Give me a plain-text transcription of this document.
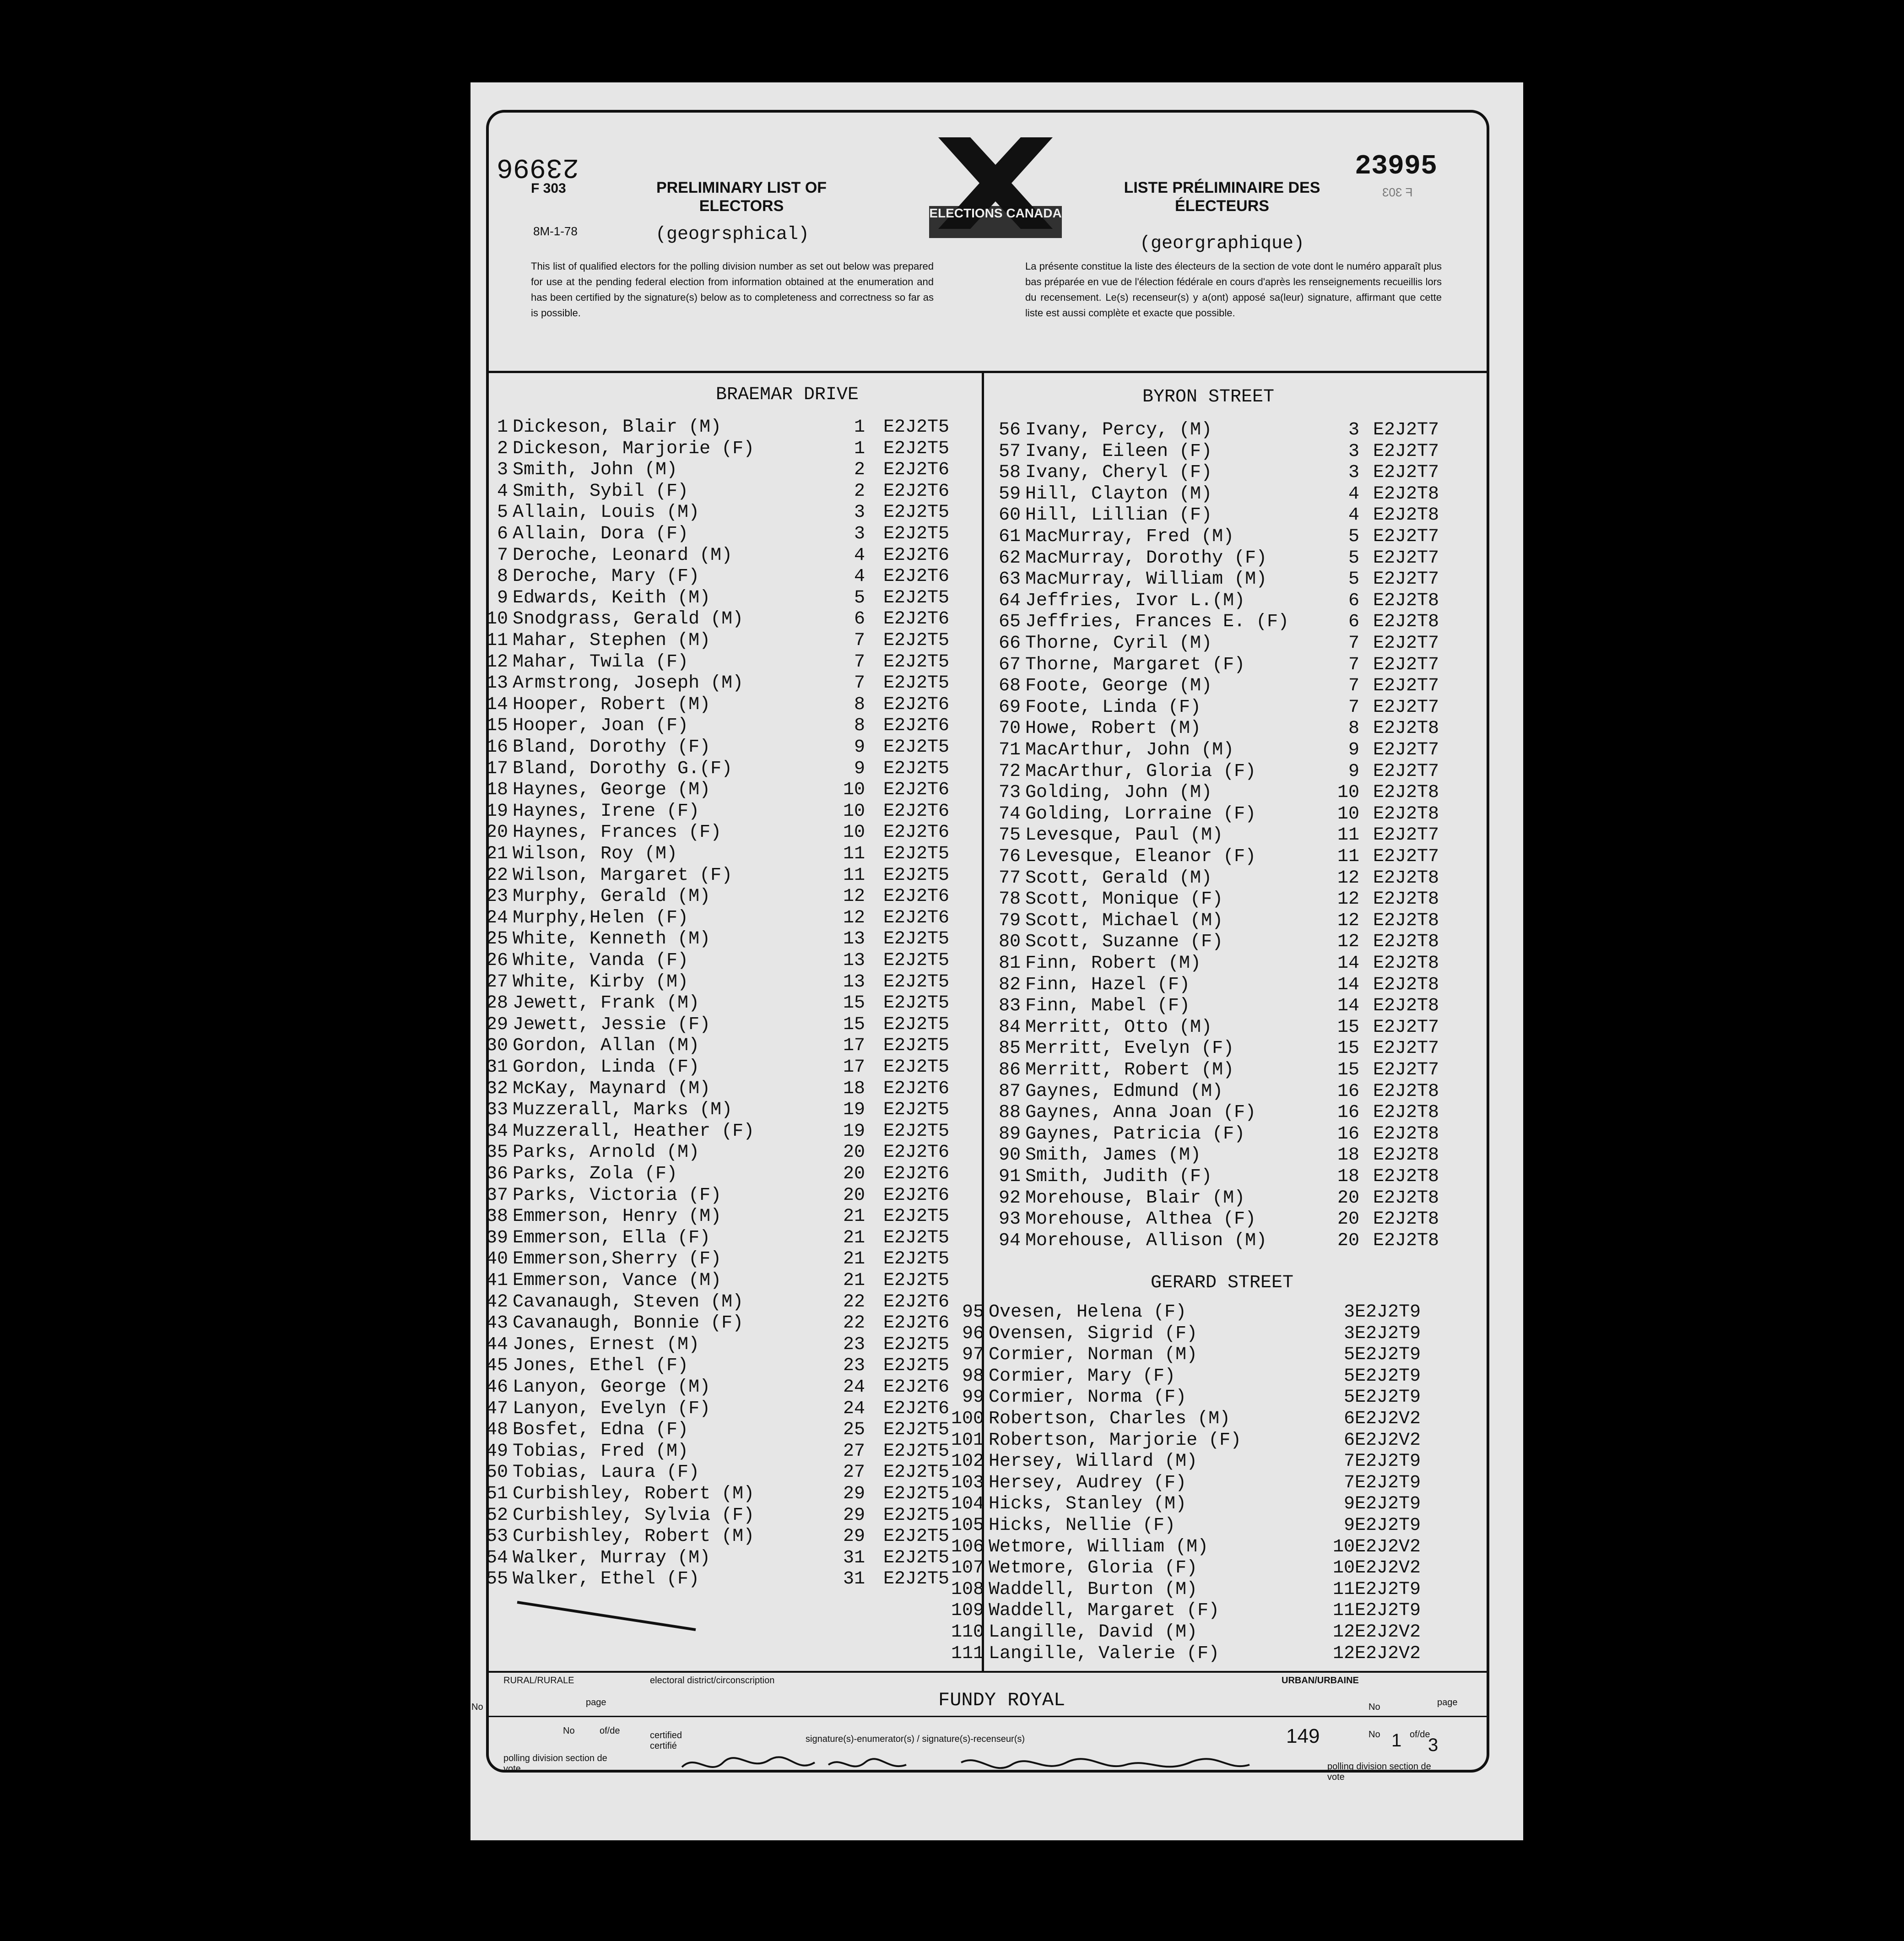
23996
F 303
8M-1-78
PRELIMINARY LIST OF ELECTORS
(geogrsphical)
ELECTIONS CANADA
23995
F 303
LISTE PRÉLIMINAIRE DES ÉLECTEURS
(georgraphique)
This list of qualified electors for the polling division number as set out below was prepared for use at the pending federal election from information obtained at the enumeration and has been certified by the signature(s) below as to completeness and correctness so far as is possible.
La présente constitue la liste des électeurs de la section de vote dont le numéro apparaît plus bas préparée en vue de l'élection fédérale en cours d'après les renseignements recueillis lors du recensement. Le(s) recenseur(s) y a(ont) apposé sa(leur) signature, affirmant que cette liste est aussi complète et exacte que possible.
BRAEMAR DRIVE	BYRON STREET
GERARD STREET
1 Dickeson, Blair (M)	1 E2J2T5
2 Dickeson, Marjorie (F)	1 E2J2T5
3 Smith, John (M)	2 E2J2T6
4 Smith, Sybil (F)	2 E2J2T6
5 Allain, Louis (M)	3 E2J2T5
6 Allain, Dora (F)	3 E2J2T5
7 Deroche, Leonard (M)	4 E2J2T6
8 Deroche, Mary (F)	4 E2J2T6
9 Edwards, Keith (M)	5 E2J2T5
10 Snodgrass, Gerald (M)	6 E2J2T6
11 Mahar, Stephen (M)	7 E2J2T5
12 Mahar, Twila (F)	7 E2J2T5
13 Armstrong, Joseph (M)	7 E2J2T5
14 Hooper, Robert (M)	8 E2J2T6
15 Hooper, Joan (F)	8 E2J2T6
16 Bland, Dorothy (F)	9 E2J2T5
17 Bland, Dorothy G.(F)	9 E2J2T5
18 Haynes, George (M)	10 E2J2T6
19 Haynes, Irene (F)	10 E2J2T6
20 Haynes, Frances (F)	10 E2J2T6
21 Wilson, Roy (M)	11 E2J2T5
22 Wilson, Margaret (F)	11 E2J2T5
23 Murphy, Gerald (M)	12 E2J2T6
24 Murphy,Helen (F)	12 E2J2T6
25 White, Kenneth (M)	13 E2J2T5
26 White, Vanda (F)	13 E2J2T5
27 White, Kirby (M)	13 E2J2T5
28 Jewett, Frank (M)	15 E2J2T5
29 Jewett, Jessie (F)	15 E2J2T5
30 Gordon, Allan (M)	17 E2J2T5
31 Gordon, Linda (F)	17 E2J2T5
32 McKay, Maynard (M)	18 E2J2T6
33 Muzzerall, Marks (M)	19 E2J2T5
34 Muzzerall, Heather (F)	19 E2J2T5
35 Parks, Arnold (M)	20 E2J2T6
36 Parks, Zola (F)	20 E2J2T6
37 Parks, Victoria (F)	20 E2J2T6
38 Emmerson, Henry (M)	21 E2J2T5
39 Emmerson, Ella (F)	21 E2J2T5
40 Emmerson,Sherry (F)	21 E2J2T5
41 Emmerson, Vance (M)	21 E2J2T5
42 Cavanaugh, Steven (M)	22 E2J2T6
43 Cavanaugh, Bonnie (F)	22 E2J2T6
44 Jones, Ernest (M)	23 E2J2T5
45 Jones, Ethel (F)	23 E2J2T5
46 Lanyon, George (M)	24 E2J2T6
47 Lanyon, Evelyn (F)	24 E2J2T6
48 Bosfet, Edna (F)	25 E2J2T5
49 Tobias, Fred (M)	27 E2J2T5
50 Tobias, Laura (F)	27 E2J2T5
51 Curbishley, Robert (M)	29 E2J2T5
52 Curbishley, Sylvia (F)	29 E2J2T5
53 Curbishley, Robert (M)	29 E2J2T5
54 Walker, Murray (M)	31 E2J2T5
55 Walker, Ethel (F)	31 E2J2T5
56 Ivany, Percy, (M)	3 E2J2T7
57 Ivany, Eileen (F)	3 E2J2T7
58 Ivany, Cheryl (F)	3 E2J2T7
59 Hill, Clayton (M)	4 E2J2T8
60 Hill, Lillian (F)	4 E2J2T8
61 MacMurray, Fred (M)	5 E2J2T7
62 MacMurray, Dorothy (F)	5 E2J2T7
63 MacMurray, William (M)	5 E2J2T7
64 Jeffries, Ivor L.(M)	6 E2J2T8
65 Jeffries, Frances E. (F)	6 E2J2T8
66 Thorne, Cyril (M)	7 E2J2T7
67 Thorne, Margaret (F)	7 E2J2T7
68 Foote, George (M)	7 E2J2T7
69 Foote, Linda (F)	7 E2J2T7
70 Howe, Robert (M)	8 E2J2T8
71 MacArthur, John (M)	9 E2J2T7
72 MacArthur, Gloria (F)	9 E2J2T7
73 Golding, John (M)	10 E2J2T8
74 Golding, Lorraine (F)	10 E2J2T8
75 Levesque, Paul (M)	11 E2J2T7
76 Levesque, Eleanor (F)	11 E2J2T7
77 Scott, Gerald (M)	12 E2J2T8
78 Scott, Monique (F)	12 E2J2T8
79 Scott, Michael (M)	12 E2J2T8
80 Scott, Suzanne (F)	12 E2J2T8
81 Finn, Robert (M)	14 E2J2T8
82 Finn, Hazel (F)	14 E2J2T8
83 Finn, Mabel (F)	14 E2J2T8
84 Merritt, Otto (M)	15 E2J2T7
85 Merritt, Evelyn (F)	15 E2J2T7
86 Merritt, Robert (M)	15 E2J2T7
87 Gaynes, Edmund (M)	16 E2J2T8
88 Gaynes, Anna Joan (F)	16 E2J2T8
89 Gaynes, Patricia (F)	16 E2J2T8
90 Smith, James (M)	18 E2J2T8
91 Smith, Judith (F)	18 E2J2T8
92 Morehouse, Blair (M)	20 E2J2T8
93 Morehouse, Althea (F)	20 E2J2T8
94 Morehouse, Allison (M)	20 E2J2T8
95 Ovesen, Helena (F)	3 E2J2T9
96 Ovensen, Sigrid (F)	3 E2J2T9
97 Cormier, Norman (M)	5 E2J2T9
98 Cormier, Mary (F)	5 E2J2T9
99 Cormier, Norma (F)	5 E2J2T9
100 Robertson, Charles (M)	6 E2J2V2
101 Robertson, Marjorie (F)	6 E2J2V2
102 Hersey, Willard (M)	7 E2J2T9
103 Hersey, Audrey (F)	7 E2J2T9
104 Hicks, Stanley (M)	9 E2J2T9
105 Hicks, Nellie (F)	9 E2J2T9
106 Wetmore, William (M)	10 E2J2V2
107 Wetmore, Gloria (F)	10 E2J2V2
108 Waddell, Burton (M)	11 E2J2T9
109 Waddell, Margaret (F)	11 E2J2T9
110 Langille, David (M)	12 E2J2V2
111 Langille, Valerie (F)	12 E2J2V2
RURAL/RURALE	electoral district/circonscription	URBAN/URBAINE
No	page	FUNDY ROYAL	No	page
No	of/de	certified certifié
signature(s)-enumerator(s) / signature(s)-recenseur(s)	149	No 1 of/de
3
polling division section de vote	polling division section de vote
